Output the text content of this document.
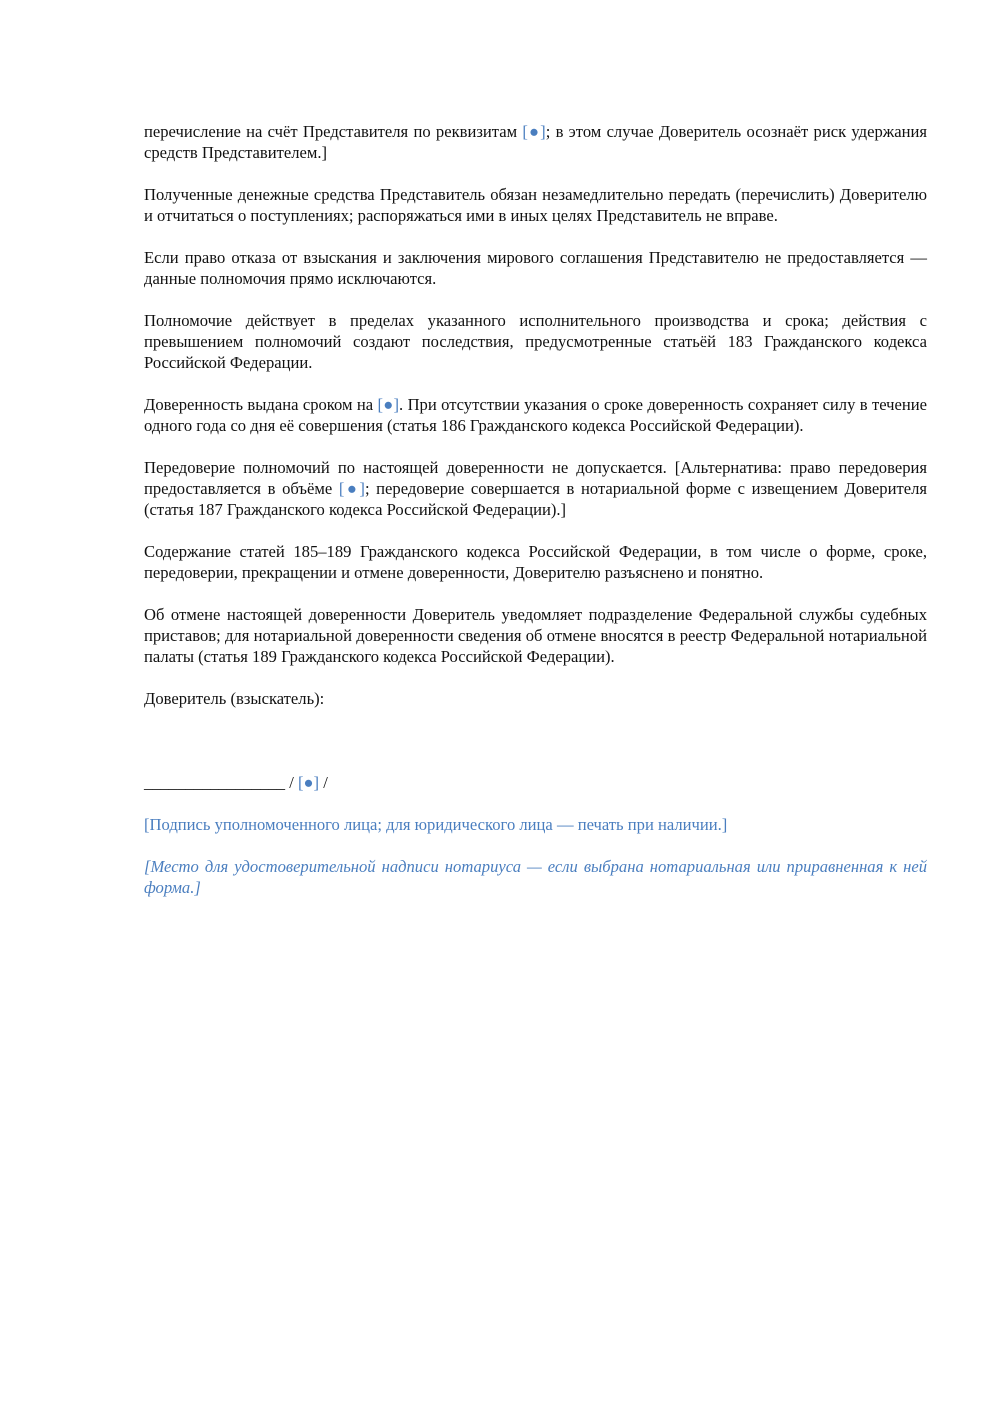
перечисление на счёт Представителя по реквизитам [●]; в этом случае Доверитель осознаёт риск удержания средств Представителем.]

Полученные денежные средства Представитель обязан незамедлительно передать (перечислить) Доверителю и отчитаться о поступлениях; распоряжаться ими в иных целях Представитель не вправе.

Если право отказа от взыскания и заключения мирового соглашения Представителю не предоставляется — данные полномочия прямо исключаются.

Полномочие действует в пределах указанного исполнительного производства и срока; действия с превышением полномочий создают последствия, предусмотренные статьёй 183 Гражданского кодекса Российской Федерации.

Доверенность выдана сроком на [●]. При отсутствии указания о сроке доверенность сохраняет силу в течение одного года со дня её совершения (статья 186 Гражданского кодекса Российской Федерации).

Передоверие полномочий по настоящей доверенности не допускается. [Альтернатива: право передоверия предоставляется в объёме [●]; передоверие совершается в нотариальной форме с извещением Доверителя (статья 187 Гражданского кодекса Российской Федерации).]

Содержание статей 185–189 Гражданского кодекса Российской Федерации, в том числе о форме, сроке, передоверии, прекращении и отмене доверенности, Доверителю разъяснено и понятно.

Об отмене настоящей доверенности Доверитель уведомляет подразделение Федеральной службы судебных приставов; для нотариальной доверенности сведения об отмене вносятся в реестр Федеральной нотариальной палаты (статья 189 Гражданского кодекса Российской Федерации).

Доверитель (взыскатель):

_________________ / [●] /

[Подпись уполномоченного лица; для юридического лица — печать при наличии.]

[Место для удостоверительной надписи нотариуса — если выбрана нотариальная или приравненная к ней форма.]
